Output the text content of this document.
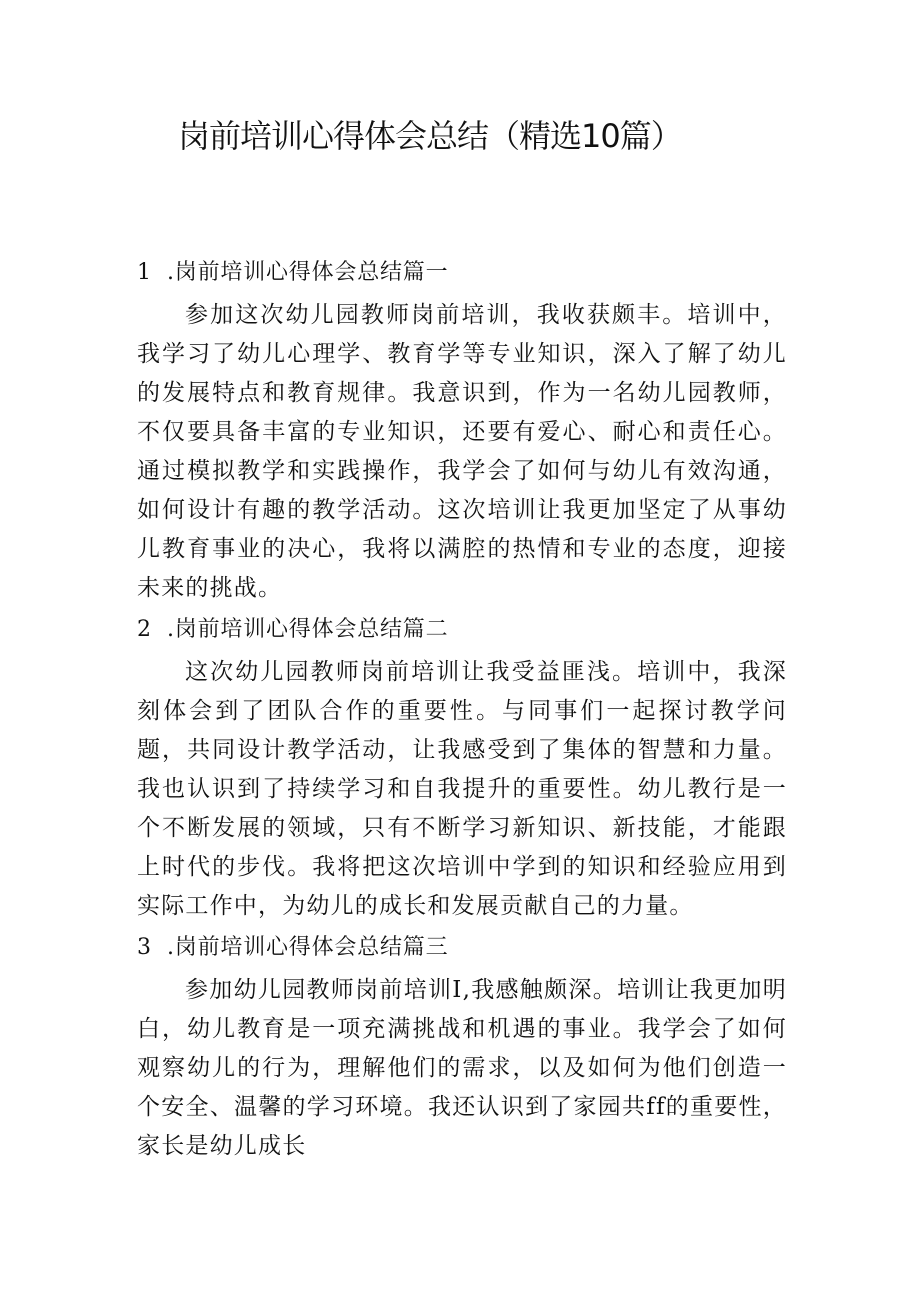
岗前培训心得体会总结（精选10篇）
1 .岗前培训心得体会总结篇一

参加这次幼儿园教师岗前培训，我收获颇丰。培训中，我学习了幼儿心理学、教育学等专业知识，深入了解了幼儿的发展特点和教育规律。我意识到，作为一名幼儿园教师，不仅要具备丰富的专业知识，还要有爱心、耐心和责任心。通过模拟教学和实践操作，我学会了如何与幼儿有效沟通，如何设计有趣的教学活动。这次培训让我更加坚定了从事幼儿教育事业的决心，我将以满腔的热情和专业的态度，迎接未来的挑战。

2 .岗前培训心得体会总结篇二

这次幼儿园教师岗前培训让我受益匪浅。培训中，我深刻体会到了团队合作的重要性。与同事们一起探讨教学问题，共同设计教学活动，让我感受到了集体的智慧和力量。我也认识到了持续学习和自我提升的重要性。幼儿教行是一个不断发展的领域，只有不断学习新知识、新技能，才能跟上时代的步伐。我将把这次培训中学到的知识和经验应用到实际工作中，为幼儿的成长和发展贡献自己的力量。

3 .岗前培训心得体会总结篇三

参加幼儿园教师岗前培训I,我感触颇深。培训让我更加明白，幼儿教育是一项充满挑战和机遇的事业。我学会了如何观察幼儿的行为，理解他们的需求，以及如何为他们创造一个安全、温馨的学习环境。我还认识到了家园共ff的重要性，家长是幼儿成长
